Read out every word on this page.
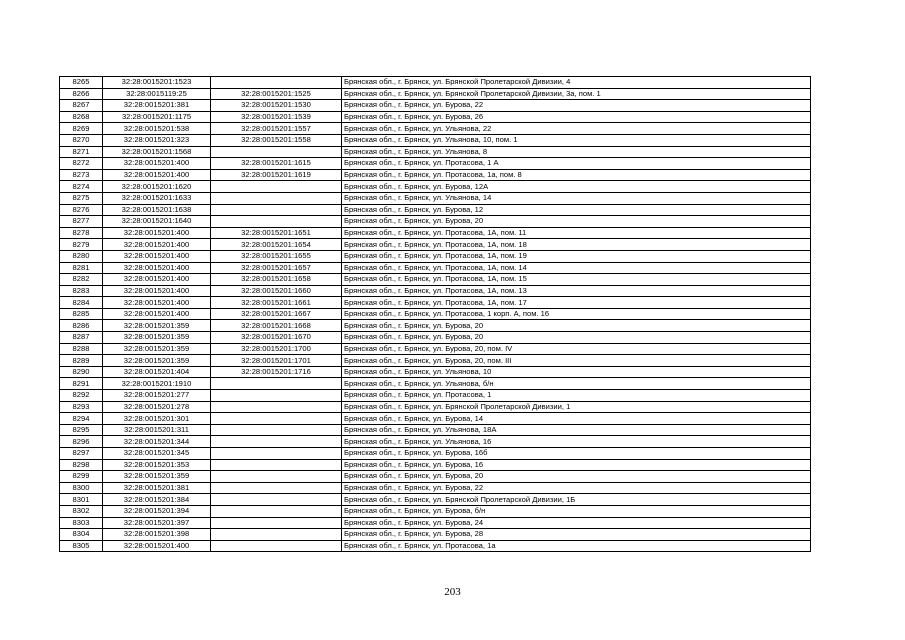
8265	32:28:0015201:1523		Брянская обл., г. Брянск, ул. Брянской Пролетарской Дивизии, 4
8266	32:28:0015119:25	32:28:0015201:1525	Брянская обл., г. Брянск, ул. Брянской Пролетарской Дивизии, 3а, пом. 1
8267	32:28:0015201:381	32:28:0015201:1530	Брянская обл., г. Брянск, ул. Бурова, 22
8268	32:28:0015201:1175	32:28:0015201:1539	Брянская обл., г. Брянск, ул. Бурова, 26
8269	32:28:0015201:538	32:28:0015201:1557	Брянская обл., г. Брянск, ул. Ульянова, 22
8270	32:28:0015201:323	32:28:0015201:1558	Брянская обл., г. Брянск, ул. Ульянова, 10, пом. 1
8271	32:28:0015201:1568		Брянская обл., г. Брянск, ул. Ульянова, 8
8272	32:28:0015201:400	32:28:0015201:1615	Брянская обл., г. Брянск, ул. Протасова, 1 А
8273	32:28:0015201:400	32:28:0015201:1619	Брянская обл., г. Брянск, ул. Протасова, 1а, пом. 8
8274	32:28:0015201:1620		Брянская обл., г. Брянск, ул. Бурова, 12А
8275	32:28:0015201:1633		Брянская обл., г. Брянск, ул. Ульянова, 14
8276	32:28:0015201:1638		Брянская обл., г. Брянск, ул. Бурова, 12
8277	32:28:0015201:1640		Брянская обл., г. Брянск, ул. Бурова, 20
8278	32:28:0015201:400	32:28:0015201:1651	Брянская обл., г. Брянск, ул. Протасова, 1А, пом. 11
8279	32:28:0015201:400	32:28:0015201:1654	Брянская обл., г. Брянск, ул. Протасова, 1А, пом. 18
8280	32:28:0015201:400	32:28:0015201:1655	Брянская обл., г. Брянск, ул. Протасова, 1А, пом. 19
8281	32:28:0015201:400	32:28:0015201:1657	Брянская обл., г. Брянск, ул. Протасова, 1А, пом. 14
8282	32:28:0015201:400	32:28:0015201:1658	Брянская обл., г. Брянск, ул. Протасова, 1А, пом. 15
8283	32:28:0015201:400	32:28:0015201:1660	Брянская обл., г. Брянск, ул. Протасова, 1А, пом. 13
8284	32:28:0015201:400	32:28:0015201:1661	Брянская обл., г. Брянск, ул. Протасова, 1А, пом. 17
8285	32:28:0015201:400	32:28:0015201:1667	Брянская обл., г. Брянск, ул. Протасова, 1 корп. А, пом. 16
8286	32:28:0015201:359	32:28:0015201:1668	Брянская обл., г. Брянск, ул. Бурова, 20
8287	32:28:0015201:359	32:28:0015201:1670	Брянская обл., г. Брянск, ул. Бурова, 20
8288	32:28:0015201:359	32:28:0015201:1700	Брянская обл., г. Брянск, ул. Бурова, 20, пом. IV
8289	32:28:0015201:359	32:28:0015201:1701	Брянская обл., г. Брянск, ул. Бурова, 20, пом. III
8290	32:28:0015201:404	32:28:0015201:1716	Брянская обл., г. Брянск, ул. Ульянова, 10
8291	32:28:0015201:1910		Брянская обл., г. Брянск, ул. Ульянова, б/н
8292	32:28:0015201:277		Брянская обл., г. Брянск, ул. Протасова, 1
8293	32:28:0015201:278		Брянская обл., г. Брянск, ул. Брянской Пролетарской Дивизии, 1
8294	32:28:0015201:301		Брянская обл., г. Брянск, ул. Бурова, 14
8295	32:28:0015201:311		Брянская обл., г. Брянск, ул. Ульянова, 18А
8296	32:28:0015201:344		Брянская обл., г. Брянск, ул. Ульянова, 16
8297	32:28:0015201:345		Брянская обл., г. Брянск, ул. Бурова, 16б
8298	32:28:0015201:353		Брянская обл., г. Брянск, ул. Бурова, 16
8299	32:28:0015201:359		Брянская обл., г. Брянск, ул. Бурова, 20
8300	32:28:0015201:381		Брянская обл., г. Брянск, ул. Бурова, 22
8301	32:28:0015201:384		Брянская обл., г. Брянск, ул. Брянской Пролетарской Дивизии, 1Б
8302	32:28:0015201:394		Брянская обл., г. Брянск, ул. Бурова, б/н
8303	32:28:0015201:397		Брянская обл., г. Брянск, ул. Бурова, 24
8304	32:28:0015201:398		Брянская обл., г. Брянск, ул. Бурова, 28
8305	32:28:0015201:400		Брянская обл., г. Брянск, ул. Протасова, 1а
203
